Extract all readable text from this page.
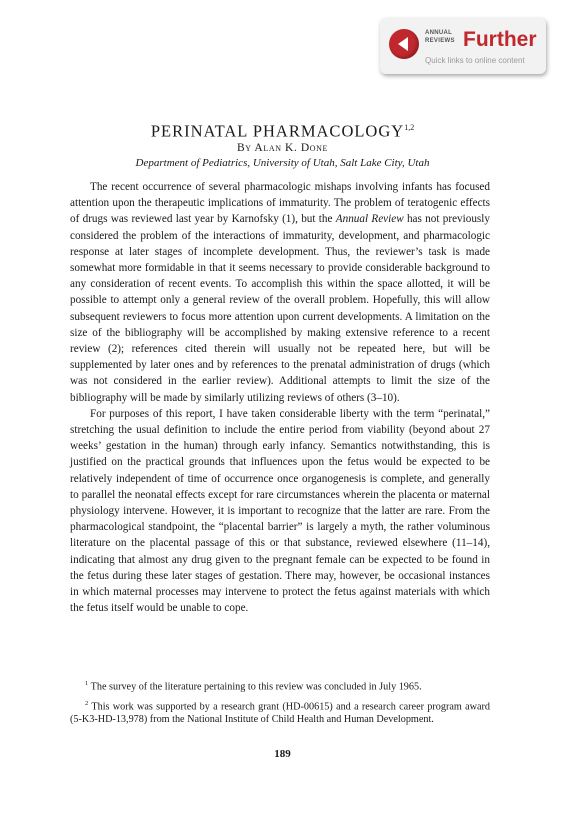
ANNUAL
REVIEWS Further
Quick links to online content
PERINATAL PHARMACOLOGY$^{1,2}$
By Alan K. Done
Department of Pediatrics, University of Utah, Salt Lake City, Utah

The recent occurrence of several pharmacologic mishaps involving infants has focused attention upon the therapeutic implications of immaturity. The problem of teratogenic effects of drugs was reviewed last year by Karnofsky (1), but the Annual Review has not previously considered the problem of the interactions of immaturity, development, and pharmacologic response at later stages of incomplete development. Thus, the reviewer’s task is made somewhat more formidable in that it seems necessary to provide considerable background to any consideration of recent events. To accomplish this within the space allotted, it will be possible to attempt only a general review of the overall problem. Hopefully, this will allow subsequent reviewers to focus more attention upon current developments. A limitation on the size of the bibliography will be accomplished by making extensive reference to a recent review (2); references cited therein will usually not be repeated here, but will be supplemented by later ones and by references to the prenatal administration of drugs (which was not considered in the earlier review). Additional attempts to limit the size of the bibliography will be made by similarly utilizing reviews of others (3–10).

For purposes of this report, I have taken considerable liberty with the term “perinatal,” stretching the usual definition to include the entire period from viability (beyond about 27 weeks’ gestation in the human) through early infancy. Semantics notwithstanding, this is justified on the practical grounds that influences upon the fetus would be expected to be relatively independent of time of occurrence once organogenesis is complete, and generally to parallel the neonatal effects except for rare circumstances wherein the placenta or maternal physiology intervene. However, it is important to recognize that the latter are rare. From the pharmacological standpoint, the “placental barrier” is largely a myth, the rather voluminous literature on the placental passage of this or that substance, reviewed elsewhere (11–14), indicating that almost any drug given to the pregnant female can be expected to be found in the fetus during these later stages of gestation. There may, however, be occasional instances in which maternal processes may intervene to protect the fetus against materials with which the fetus itself would be unable to cope.

$^1$ The survey of the literature pertaining to this review was concluded in July 1965.

$^2$ This work was supported by a research grant (HD-00615) and a research career program award (5-K3-HD-13,978) from the National Institute of Child Health and Human Development.

189
